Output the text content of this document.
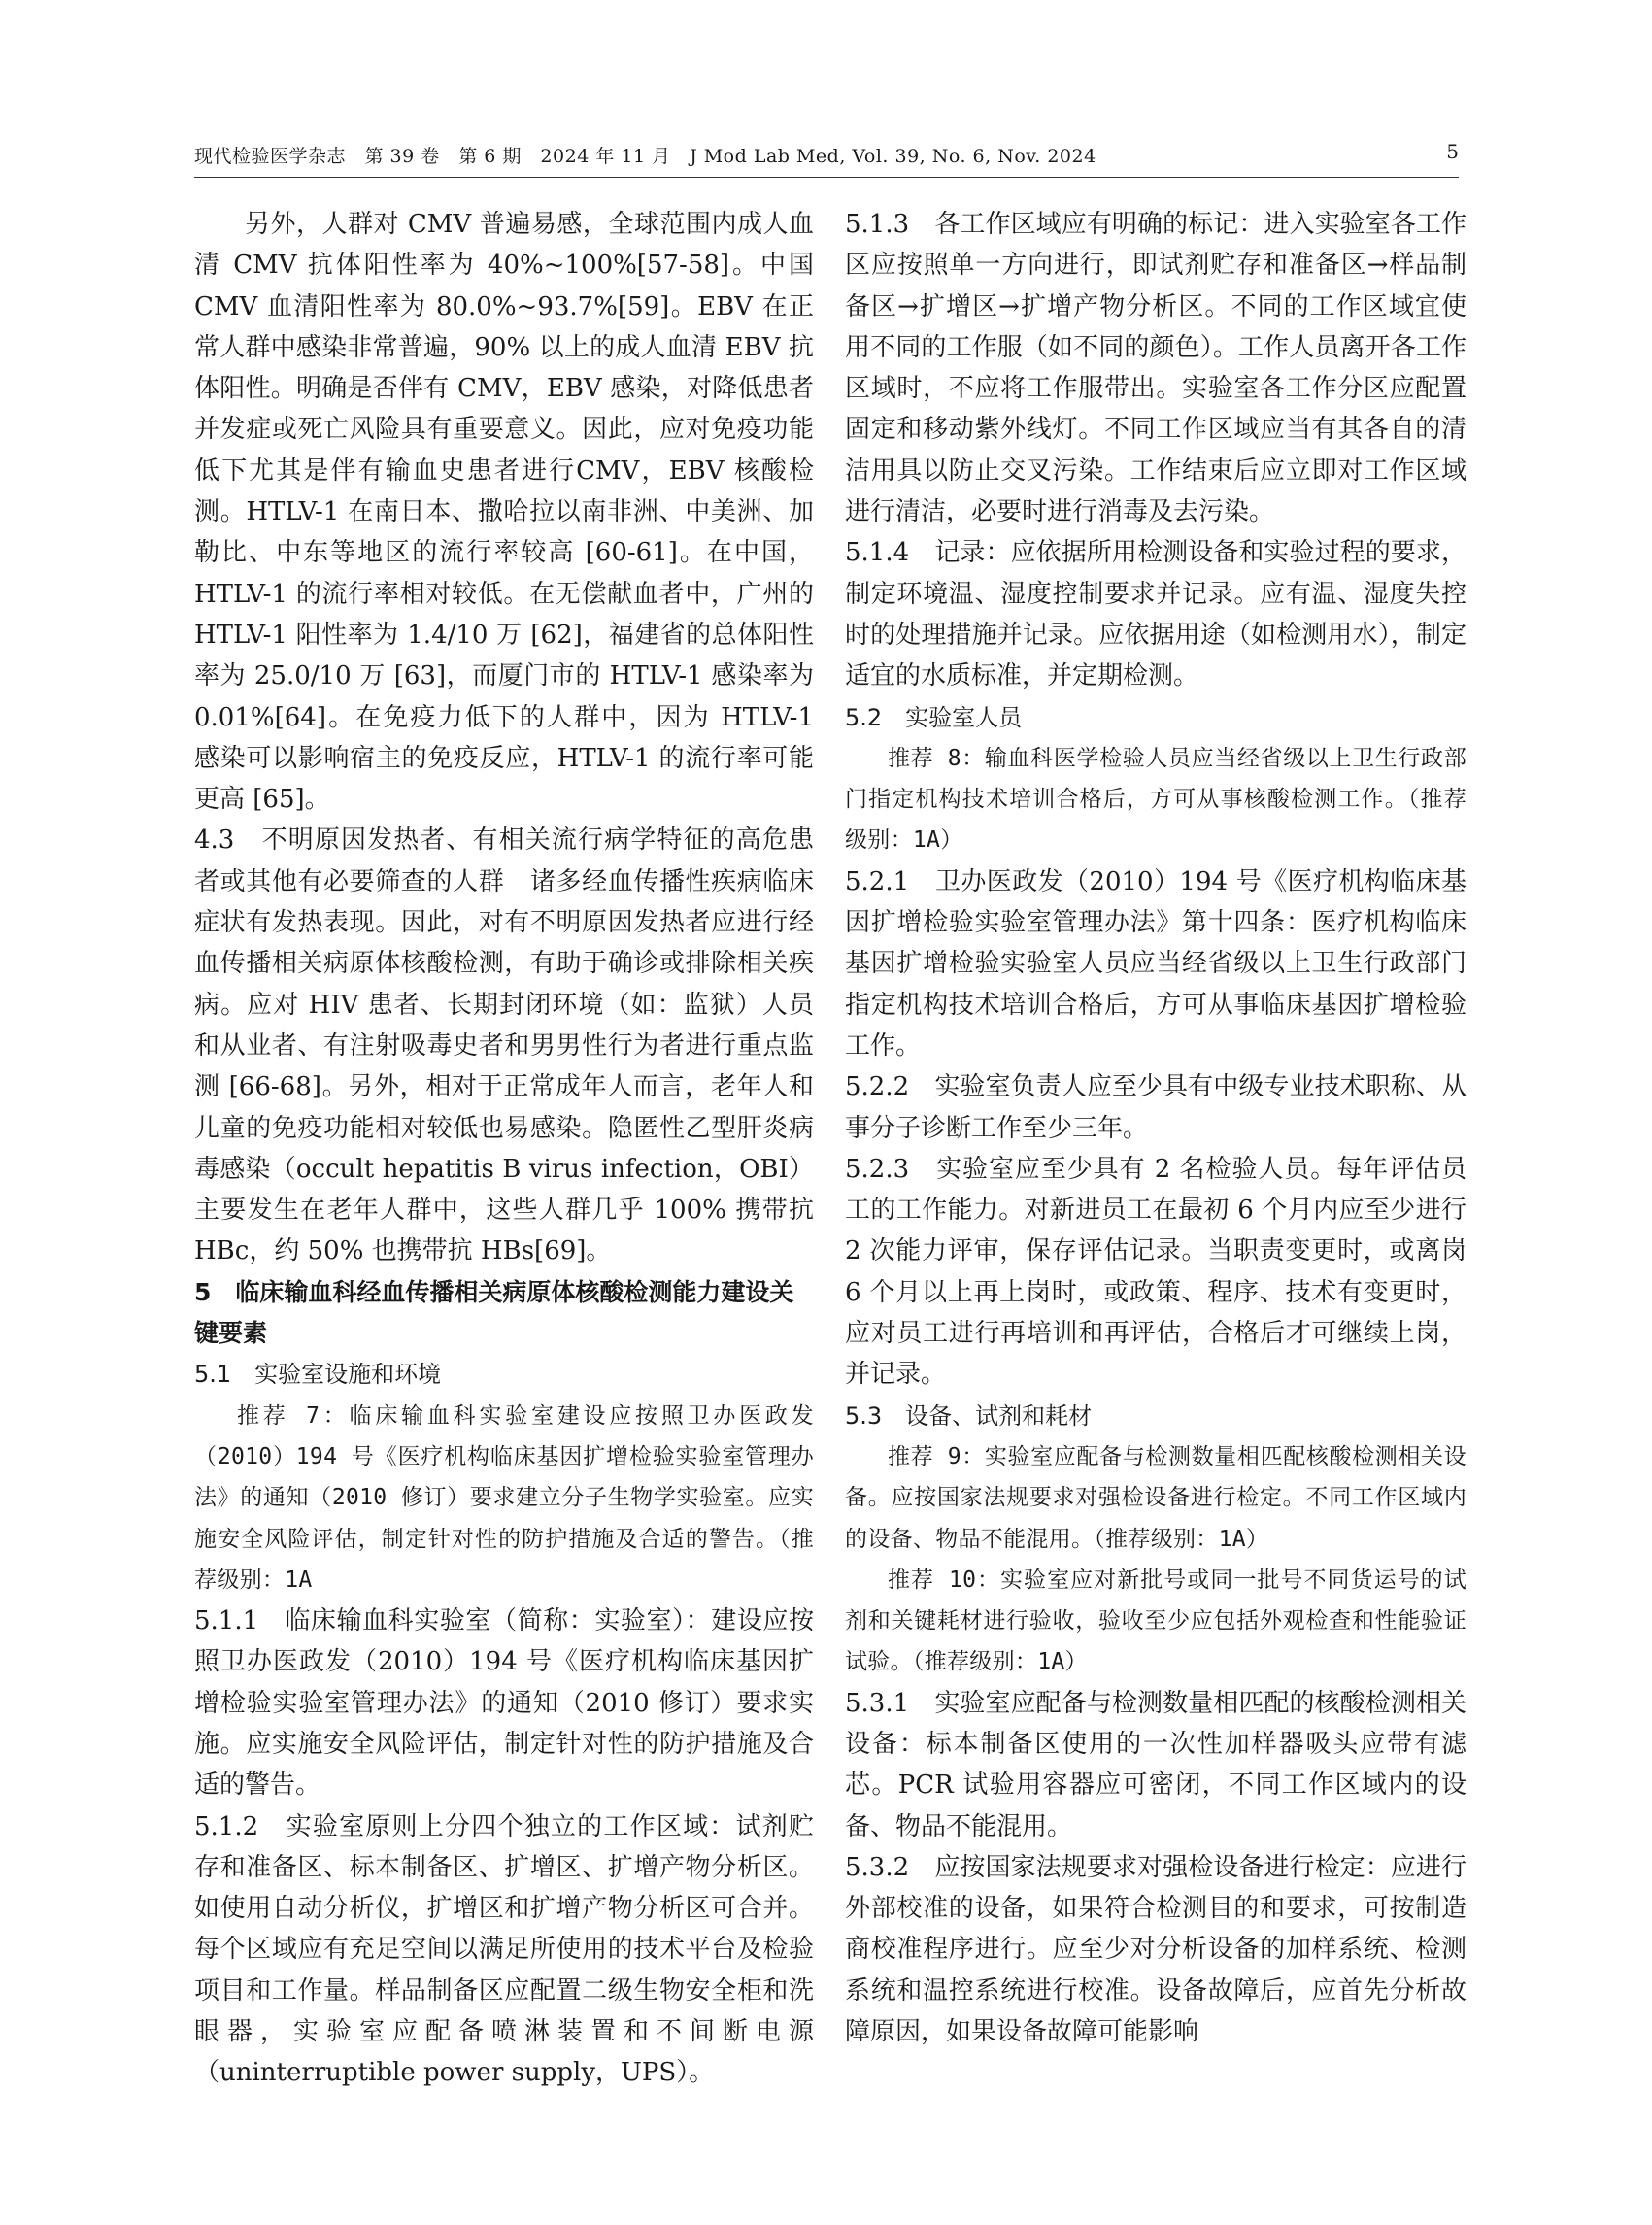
现代检验医学杂志　第 39 卷　第 6 期　2024 年 11 月　J Mod Lab Med, Vol. 39, No. 6, Nov. 2024	5

另外，人群对 CMV 普遍易感，全球范围内成人血清 CMV 抗体阳性率为 40%~100%[57-58]。中国 CMV 血清阳性率为 80.0%~93.7%[59]。EBV 在正常人群中感染非常普遍，90% 以上的成人血清 EBV 抗体阳性。明确是否伴有 CMV，EBV 感染，对降低患者并发症或死亡风险具有重要意义。因此，应对免疫功能低下尤其是伴有输血史患者进行CMV，EBV 核酸检测。HTLV-1 在南日本、撒哈拉以南非洲、中美洲、加勒比、中东等地区的流行率较高 [60-61]。在中国，HTLV-1 的流行率相对较低。在无偿献血者中，广州的 HTLV-1 阳性率为 1.4/10 万 [62]，福建省的总体阳性率为 25.0/10 万 [63]，而厦门市的 HTLV-1 感染率为 0.01%[64]。在免疫力低下的人群中，因为 HTLV-1 感染可以影响宿主的免疫反应，HTLV-1 的流行率可能更高 [65]。

4.3　不明原因发热者、有相关流行病学特征的高危患者或其他有必要筛查的人群　诸多经血传播性疾病临床症状有发热表现。因此，对有不明原因发热者应进行经血传播相关病原体核酸检测，有助于确诊或排除相关疾病。应对 HIV 患者、长期封闭环境（如：监狱）人员和从业者、有注射吸毒史者和男男性行为者进行重点监测 [66-68]。另外，相对于正常成年人而言，老年人和儿童的免疫功能相对较低也易感染。隐匿性乙型肝炎病毒感染（occult hepatitis B virus infection，OBI）主要发生在老年人群中，这些人群几乎 100% 携带抗 HBc，约 50% 也携带抗 HBs[69]。

5　临床输血科经血传播相关病原体核酸检测能力建设关键要素

5.1　实验室设施和环境

推荐 7：临床输血科实验室建设应按照卫办医政发（2010）194 号《医疗机构临床基因扩增检验实验室管理办法》的通知（2010 修订）要求建立分子生物学实验室。应实施安全风险评估，制定针对性的防护措施及合适的警告。（推荐级别：1A

5.1.1　临床输血科实验室（简称：实验室）：建设应按照卫办医政发（2010）194 号《医疗机构临床基因扩增检验实验室管理办法》的通知（2010 修订）要求实施。应实施安全风险评估，制定针对性的防护措施及合适的警告。

5.1.2　实验室原则上分四个独立的工作区域：试剂贮存和准备区、标本制备区、扩增区、扩增产物分析区。如使用自动分析仪，扩增区和扩增产物分析区可合并。每个区域应有充足空间以满足所使用的技术平台及检验项目和工作量。样品制备区应配置二级生物安全柜和洗眼器，实验室应配备喷淋装置和不间断电源（uninterruptible power supply，UPS）。

5.1.3　各工作区域应有明确的标记：进入实验室各工作区应按照单一方向进行，即试剂贮存和准备区→样品制备区→扩增区→扩增产物分析区。不同的工作区域宜使用不同的工作服（如不同的颜色）。工作人员离开各工作区域时，不应将工作服带出。实验室各工作分区应配置固定和移动紫外线灯。不同工作区域应当有其各自的清洁用具以防止交叉污染。工作结束后应立即对工作区域进行清洁，必要时进行消毒及去污染。

5.1.4　记录：应依据所用检测设备和实验过程的要求，制定环境温、湿度控制要求并记录。应有温、湿度失控时的处理措施并记录。应依据用途（如检测用水），制定适宜的水质标准，并定期检测。

5.2　实验室人员

推荐 8：输血科医学检验人员应当经省级以上卫生行政部门指定机构技术培训合格后，方可从事核酸检测工作。（推荐级别：1A）

5.2.1　卫办医政发（2010）194 号《医疗机构临床基因扩增检验实验室管理办法》第十四条：医疗机构临床基因扩增检验实验室人员应当经省级以上卫生行政部门指定机构技术培训合格后，方可从事临床基因扩增检验工作。

5.2.2　实验室负责人应至少具有中级专业技术职称、从事分子诊断工作至少三年。

5.2.3　实验室应至少具有 2 名检验人员。每年评估员工的工作能力。对新进员工在最初 6 个月内应至少进行 2 次能力评审，保存评估记录。当职责变更时，或离岗 6 个月以上再上岗时，或政策、程序、技术有变更时，应对员工进行再培训和再评估，合格后才可继续上岗，并记录。

5.3　设备、试剂和耗材

推荐 9：实验室应配备与检测数量相匹配核酸检测相关设备。应按国家法规要求对强检设备进行检定。不同工作区域内的设备、物品不能混用。（推荐级别：1A）

推荐 10：实验室应对新批号或同一批号不同货运号的试剂和关键耗材进行验收，验收至少应包括外观检查和性能验证试验。（推荐级别：1A）

5.3.1　实验室应配备与检测数量相匹配的核酸检测相关设备：标本制备区使用的一次性加样器吸头应带有滤芯。PCR 试验用容器应可密闭，不同工作区域内的设备、物品不能混用。

5.3.2　应按国家法规要求对强检设备进行检定：应进行外部校准的设备，如果符合检测目的和要求，可按制造商校准程序进行。应至少对分析设备的加样系统、检测系统和温控系统进行校准。设备故障后，应首先分析故障原因，如果设备故障可能影响
